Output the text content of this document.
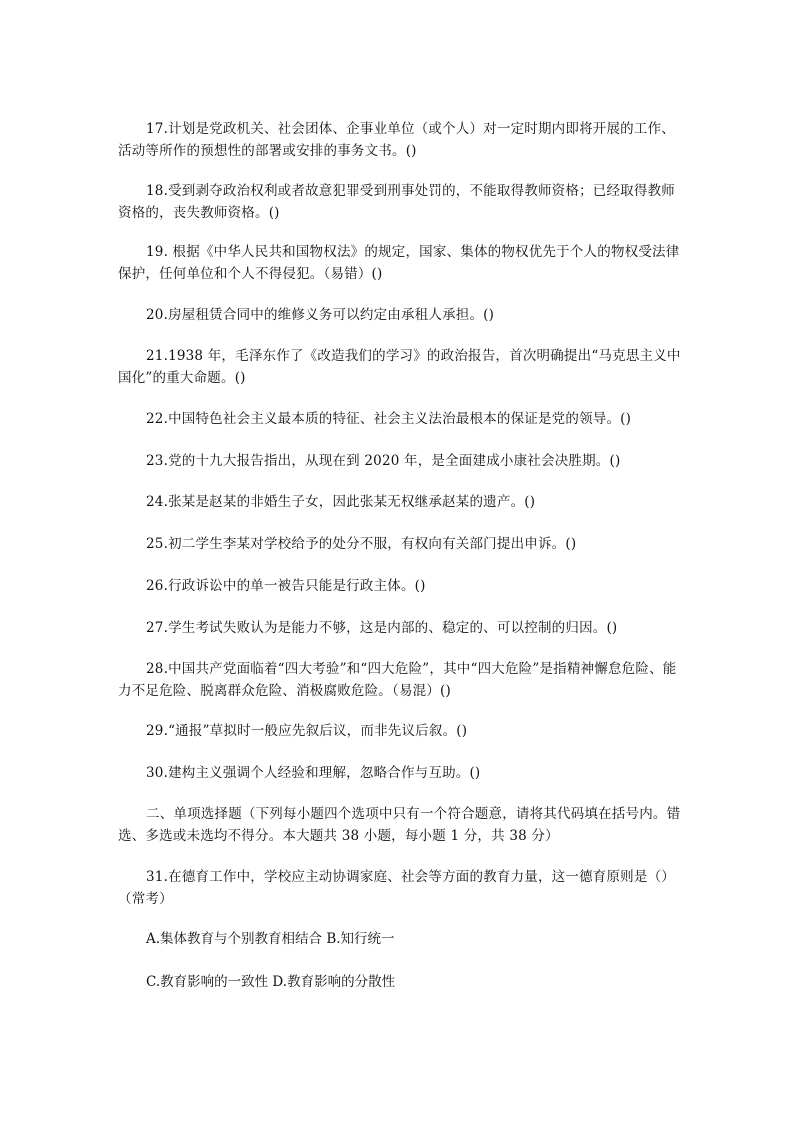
17.计划是党政机关、社会团体、企事业单位（或个人）对一定时期内即将开展的工作、活动等所作的预想性的部署或安排的事务文书。()

18.受到剥夺政治权利或者故意犯罪受到刑事处罚的，不能取得教师资格；已经取得教师资格的，丧失教师资格。()

19. 根据《中华人民共和国物权法》的规定，国家、集体的物权优先于个人的物权受法律保护，任何单位和个人不得侵犯。（易错）()

20.房屋租赁合同中的维修义务可以约定由承租人承担。()

21.1938 年，毛泽东作了《改造我们的学习》的政治报告，首次明确提出“马克思主义中国化”的重大命题。()

22.中国特色社会主义最本质的特征、社会主义法治最根本的保证是党的领导。()

23.党的十九大报告指出，从现在到 2020 年，是全面建成小康社会决胜期。()

24.张某是赵某的非婚生子女，因此张某无权继承赵某的遗产。()

25.初二学生李某对学校给予的处分不服，有权向有关部门提出申诉。()

26.行政诉讼中的单一被告只能是行政主体。()

27.学生考试失败认为是能力不够，这是内部的、稳定的、可以控制的归因。()

28.中国共产党面临着“四大考验”和“四大危险”，其中“四大危险”是指精神懈怠危险、能力不足危险、脱离群众危险、消极腐败危险。（易混）()

29.“通报”草拟时一般应先叙后议，而非先议后叙。()

30.建构主义强调个人经验和理解，忽略合作与互助。()

二、单项选择题（下列每小题四个选项中只有一个符合题意，请将其代码填在括号内。错选、多选或未选均不得分。本大题共 38 小题，每小题 1 分，共 38 分）

31.在德育工作中，学校应主动协调家庭、社会等方面的教育力量，这一德育原则是（）（常考）

A.集体教育与个别教育相结合 B.知行统一

C.教育影响的一致性 D.教育影响的分散性
